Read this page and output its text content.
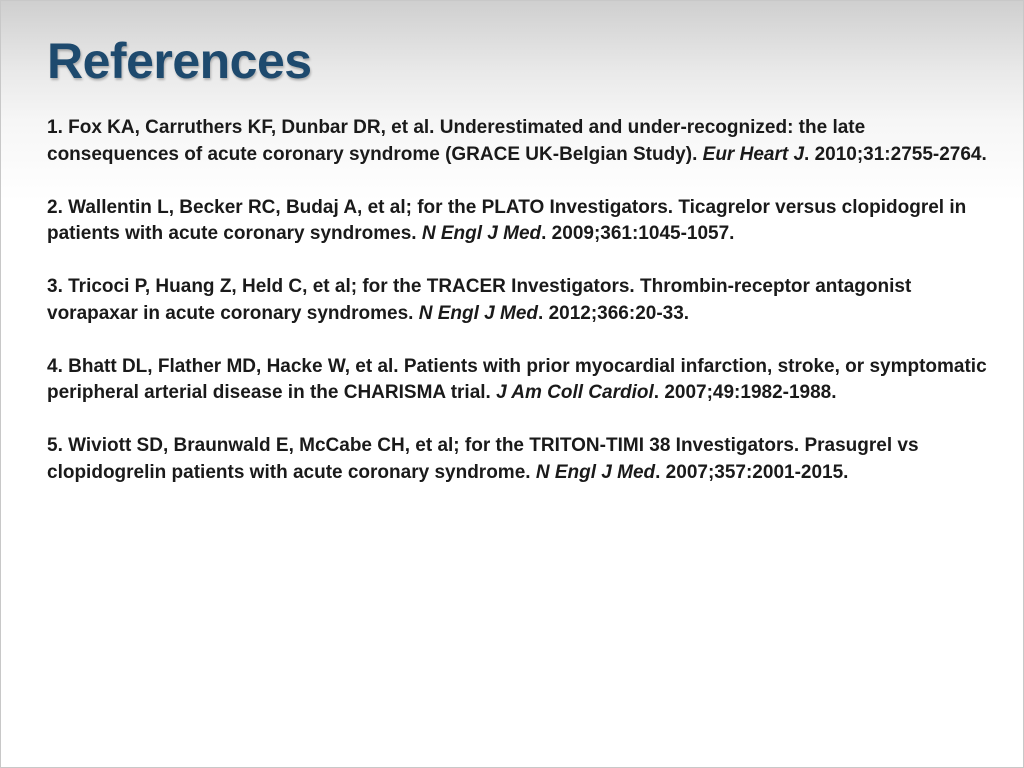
References
1. Fox KA, Carruthers KF, Dunbar DR, et al. Underestimated and under-recognized: the late consequences of acute coronary syndrome (GRACE UK-Belgian Study). Eur Heart J. 2010;31:2755-2764.
2. Wallentin L, Becker RC, Budaj A, et al; for the PLATO Investigators. Ticagrelor versus clopidogrel in patients with acute coronary syndromes. N Engl J Med. 2009;361:1045-1057.
3. Tricoci P, Huang Z, Held C, et al; for the TRACER Investigators. Thrombin-receptor antagonist vorapaxar in acute coronary syndromes. N Engl J Med. 2012;366:20-33.
4. Bhatt DL, Flather MD, Hacke W, et al. Patients with prior myocardial infarction, stroke, or symptomatic peripheral arterial disease in the CHARISMA trial. J Am Coll Cardiol. 2007;49:1982-1988.
5. Wiviott SD, Braunwald E, McCabe CH, et al; for the TRITON-TIMI 38 Investigators. Prasugrel vs clopidogrelin patients with acute coronary syndrome. N Engl J Med. 2007;357:2001-2015.
